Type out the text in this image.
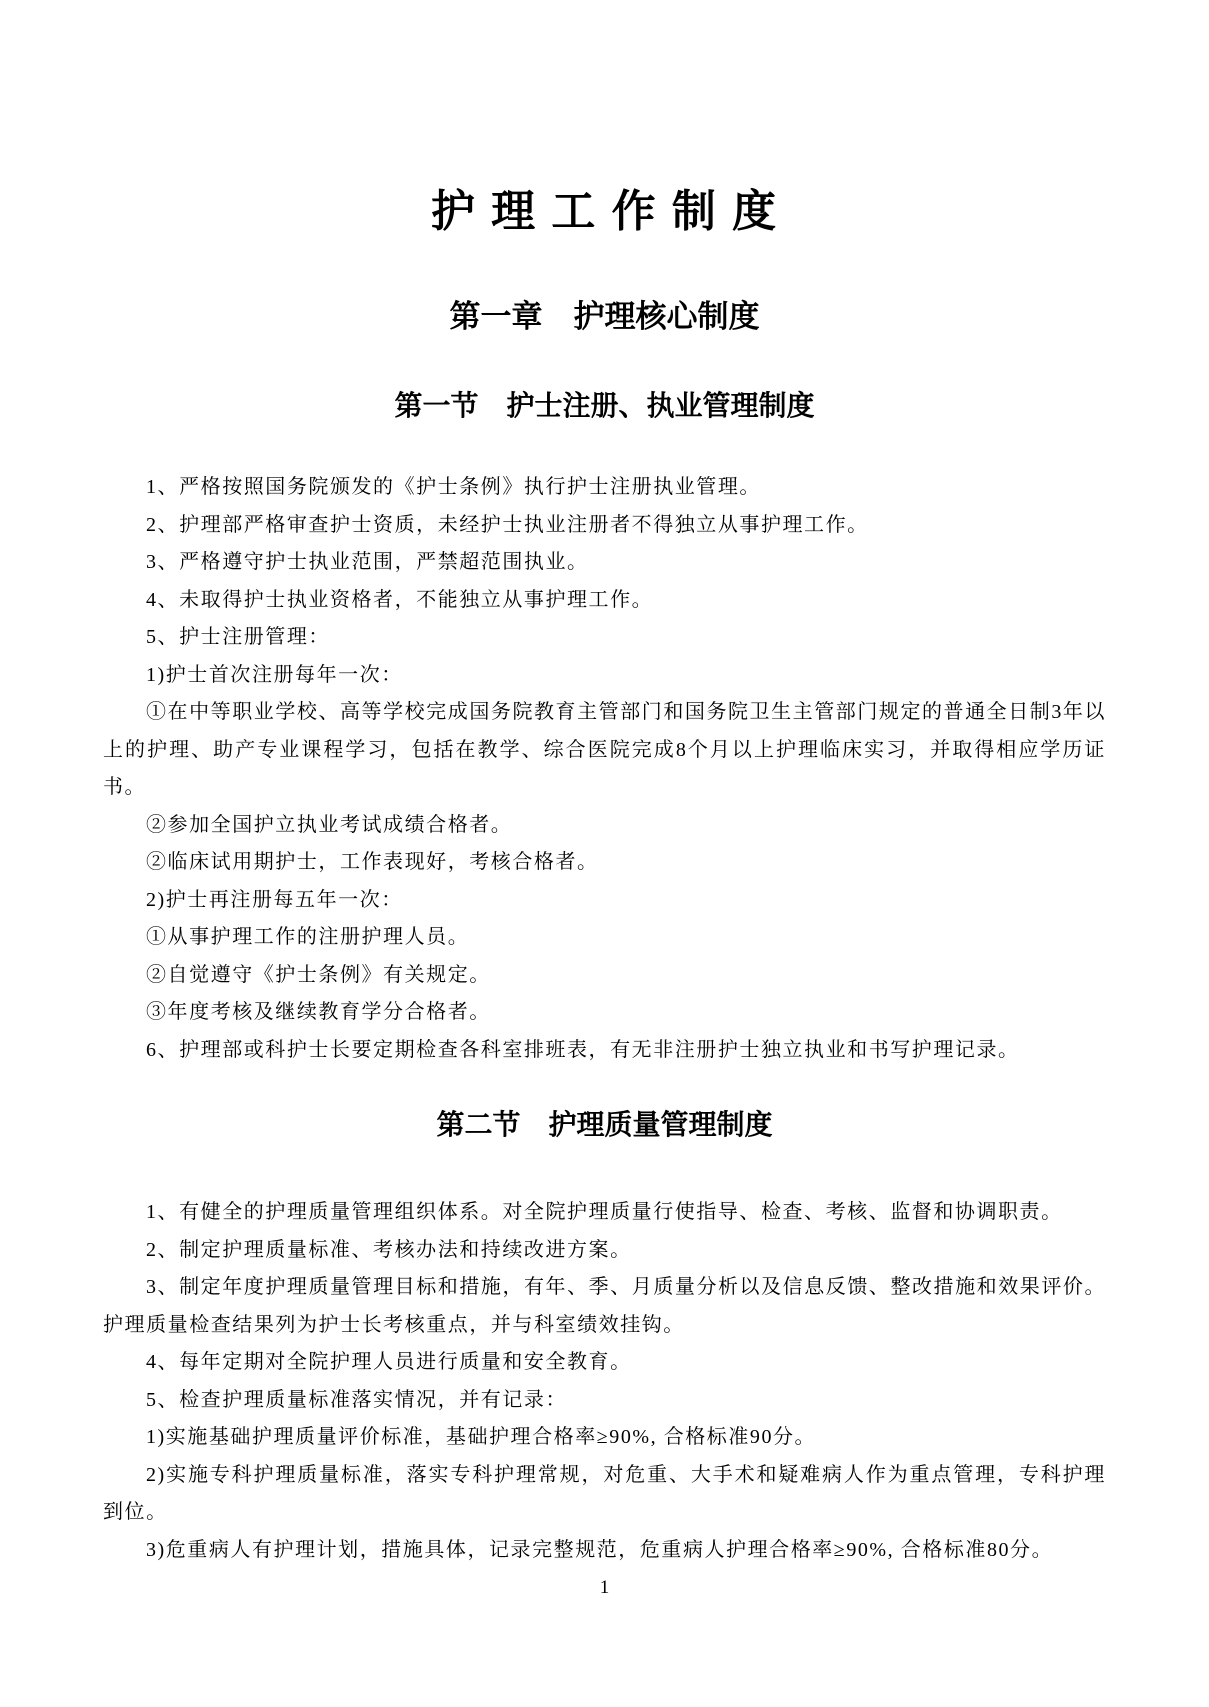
护 理 工 作 制 度
第一章　护理核心制度
第一节　护士注册、执业管理制度

1、严格按照国务院颁发的《护士条例》执行护士注册执业管理。

2、护理部严格审查护士资质，未经护士执业注册者不得独立从事护理工作。

3、严格遵守护士执业范围，严禁超范围执业。

4、未取得护士执业资格者，不能独立从事护理工作。

5、护士注册管理：

1)护士首次注册每年一次：

①在中等职业学校、高等学校完成国务院教育主管部门和国务院卫生主管部门规定的普通全日制3年以上的护理、助产专业课程学习，包括在教学、综合医院完成8个月以上护理临床实习，并取得相应学历证书。

②参加全国护立执业考试成绩合格者。

②临床试用期护士，工作表现好，考核合格者。

2)护士再注册每五年一次：

①从事护理工作的注册护理人员。

②自觉遵守《护士条例》有关规定。

③年度考核及继续教育学分合格者。

6、护理部或科护士长要定期检查各科室排班表，有无非注册护士独立执业和书写护理记录。

第二节　护理质量管理制度

1、有健全的护理质量管理组织体系。对全院护理质量行使指导、检查、考核、监督和协调职责。

2、制定护理质量标准、考核办法和持续改进方案。

3、制定年度护理质量管理目标和措施，有年、季、月质量分析以及信息反馈、整改措施和效果评价。护理质量检查结果列为护士长考核重点，并与科室绩效挂钩。

4、每年定期对全院护理人员进行质量和安全教育。

5、检查护理质量标准落实情况，并有记录：

1)实施基础护理质量评价标准，基础护理合格率≥90%, 合格标准90分。

2)实施专科护理质量标准，落实专科护理常规，对危重、大手术和疑难病人作为重点管理，专科护理到位。

3)危重病人有护理计划，措施具体，记录完整规范，危重病人护理合格率≥90%, 合格标准80分。

1
